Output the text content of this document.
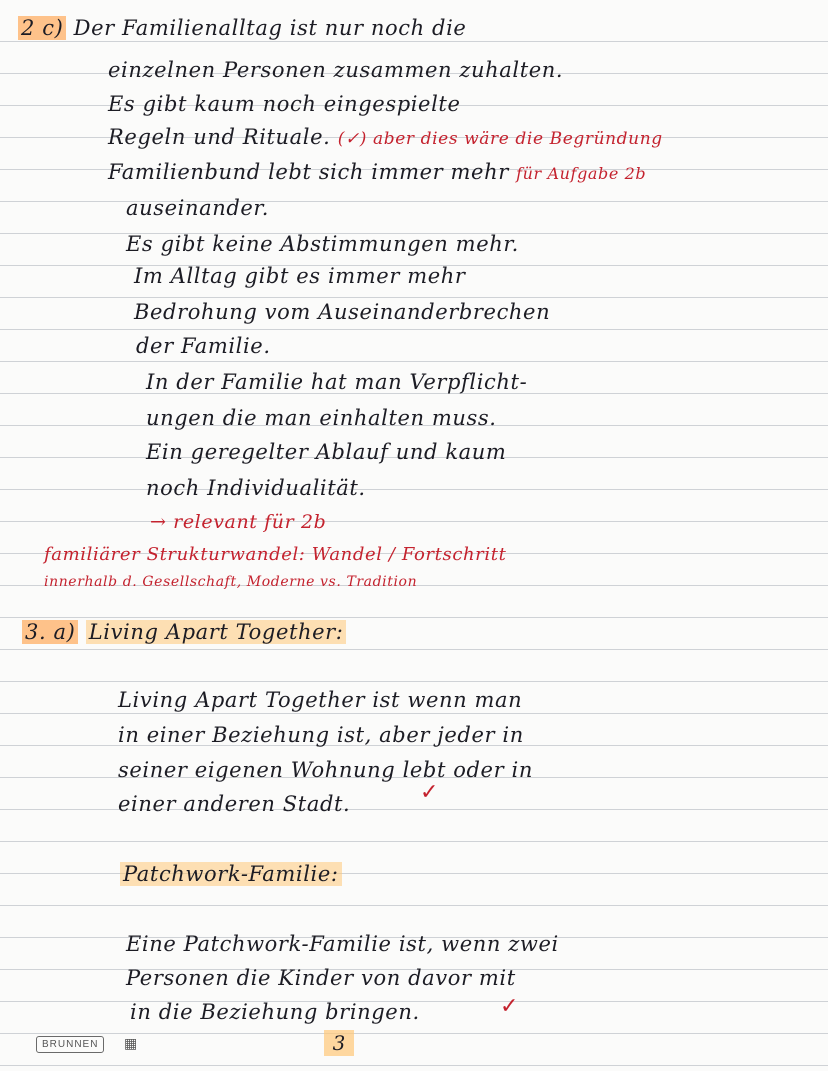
2 c) Der Familienalltag ist nur noch die
einzelnen Personen zusammen zuhalten.
Es gibt kaum noch eingespielte
Regeln und Rituale. (✓) aber dies wäre die Begründung
Familienbund lebt sich immer mehr für Aufgabe 2b
auseinander.
Es gibt keine Abstimmungen mehr.
Im Alltag gibt es immer mehr
Bedrohung vom Auseinanderbrechen
der Familie.
In der Familie hat man Verpflicht-
ungen die man einhalten muss.
Ein geregelter Ablauf und kaum
noch Individualität.
→ relevant für 2b
familiärer Strukturwandel: Wandel / Fortschritt
innerhalb d. Gesellschaft, Moderne vs. Tradition
3. a) Living Apart Together:
Living Apart Together ist wenn man
in einer Beziehung ist, aber jeder in
seiner eigenen Wohnung lebt oder in
einer anderen Stadt.	✓
Patchwork-Familie:
Eine Patchwork-Familie ist, wenn zwei
Personen die Kinder von davor mit
in die Beziehung bringen.	✓
BRUNNEN	▦	3
